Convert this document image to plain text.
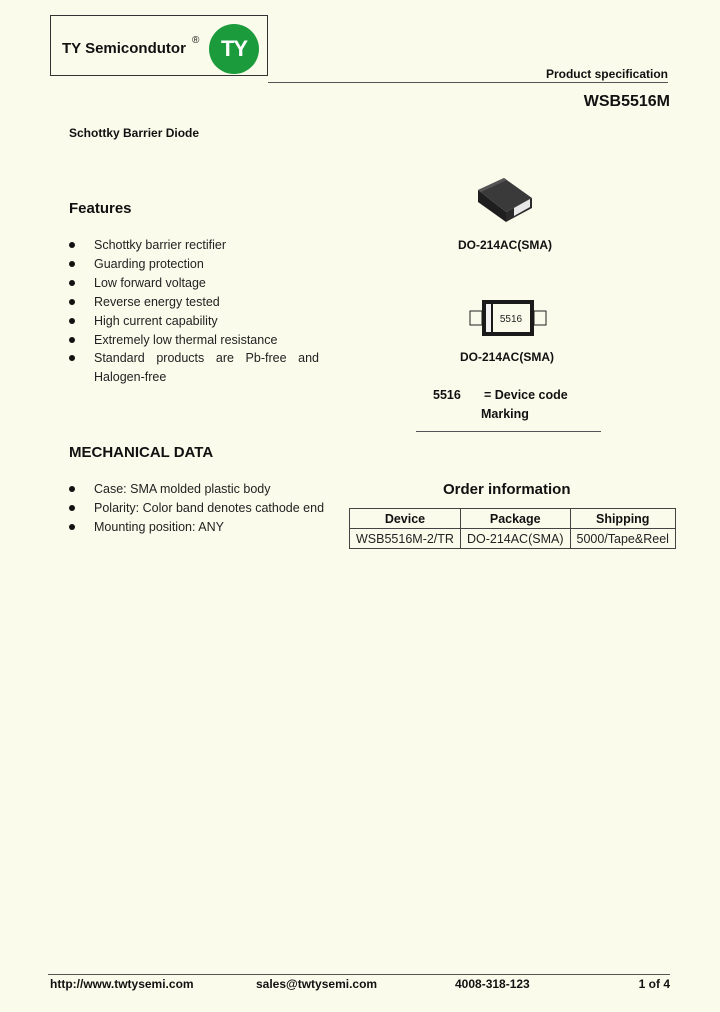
TY Semicondutor ® TY
Product specification
WSB5516M
Schottky Barrier Diode
Features
Schottky barrier rectifier
Guarding protection
Low forward voltage
Reverse energy tested
High current capability
Extremely low thermal resistance
Standard products are Pb-free and
Halogen-free
DO-214AC(SMA)
5516
DO-214AC(SMA)
5516 = Device code
Marking
MECHANICAL DATA
Case: SMA molded plastic body
Polarity: Color band denotes cathode end
Mounting position: ANY
Order information
Device	Package	Shipping
WSB5516M-2/TR	DO-214AC(SMA)	5000/Tape&Reel
http://www.twtysemi.com	sales@twtysemi.com	4008-318-123	1 of 4
